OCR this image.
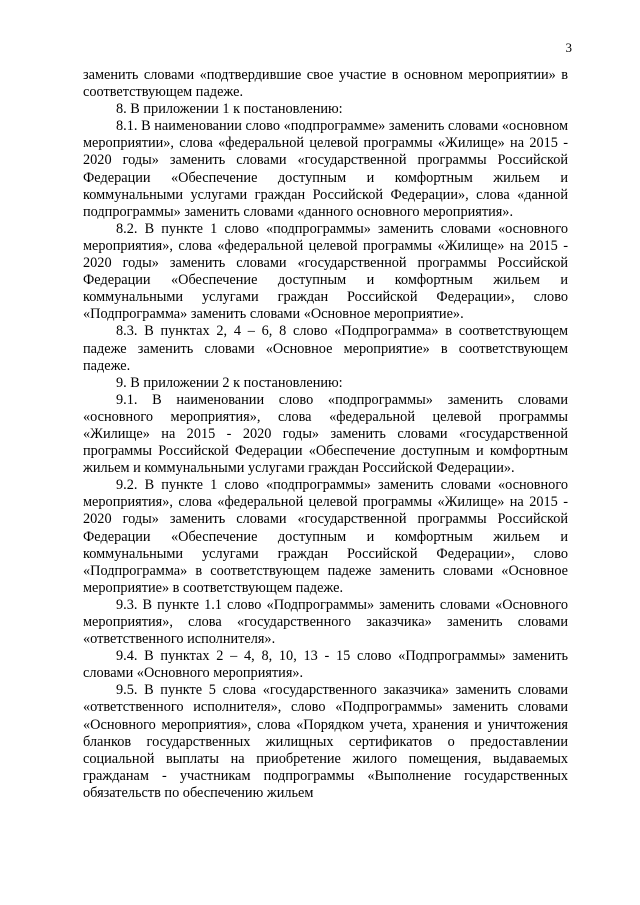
3

заменить словами «подтвердившие свое участие в основном мероприятии» в соответствующем падеже.

8. В приложении 1 к постановлению:

8.1. В наименовании слово «подпрограмме» заменить словами «основном мероприятии», слова «федеральной целевой программы «Жилище» на 2015 - 2020 годы» заменить словами «государственной программы Российской Федерации «Обеспечение доступным и комфортным жильем и коммунальными услугами граждан Российской Федерации», слова «данной подпрограммы» заменить словами «данного основного мероприятия».

8.2. В пункте 1 слово «подпрограммы» заменить словами «основного мероприятия», слова «федеральной целевой программы «Жилище» на 2015 - 2020 годы» заменить словами «государственной программы Российской Федерации «Обеспечение доступным и комфортным жильем и коммунальными услугами граждан Российской Федерации», слово «Подпрограмма» заменить словами «Основное мероприятие».

8.3. В пунктах 2, 4 – 6, 8 слово «Подпрограмма» в соответствующем падеже заменить словами «Основное мероприятие» в соответствующем падеже.

9. В приложении 2 к постановлению:

9.1. В наименовании слово «подпрограммы» заменить словами «основного мероприятия», слова «федеральной целевой программы «Жилище» на 2015 - 2020 годы» заменить словами «государственной программы Российской Федерации «Обеспечение доступным и комфортным жильем и коммунальными услугами граждан Российской Федерации».

9.2. В пункте 1 слово «подпрограммы» заменить словами «основного мероприятия», слова «федеральной целевой программы «Жилище» на 2015 - 2020 годы» заменить словами «государственной программы Российской Федерации «Обеспечение доступным и комфортным жильем и коммунальными услугами граждан Российской Федерации», слово «Подпрограмма» в соответствующем падеже заменить словами «Основное мероприятие» в соответствующем падеже.

9.3. В пункте 1.1 слово «Подпрограммы» заменить словами «Основного мероприятия», слова «государственного заказчика» заменить словами «ответственного исполнителя».

9.4. В пунктах 2 – 4, 8, 10, 13 - 15 слово «Подпрограммы» заменить словами «Основного мероприятия».

9.5. В пункте 5 слова «государственного заказчика» заменить словами «ответственного исполнителя», слово «Подпрограммы» заменить словами «Основного мероприятия», слова «Порядком учета, хранения и уничтожения бланков государственных жилищных сертификатов о предоставлении социальной выплаты на приобретение жилого помещения, выдаваемых гражданам - участникам подпрограммы «Выполнение государственных обязательств по обеспечению жильем
